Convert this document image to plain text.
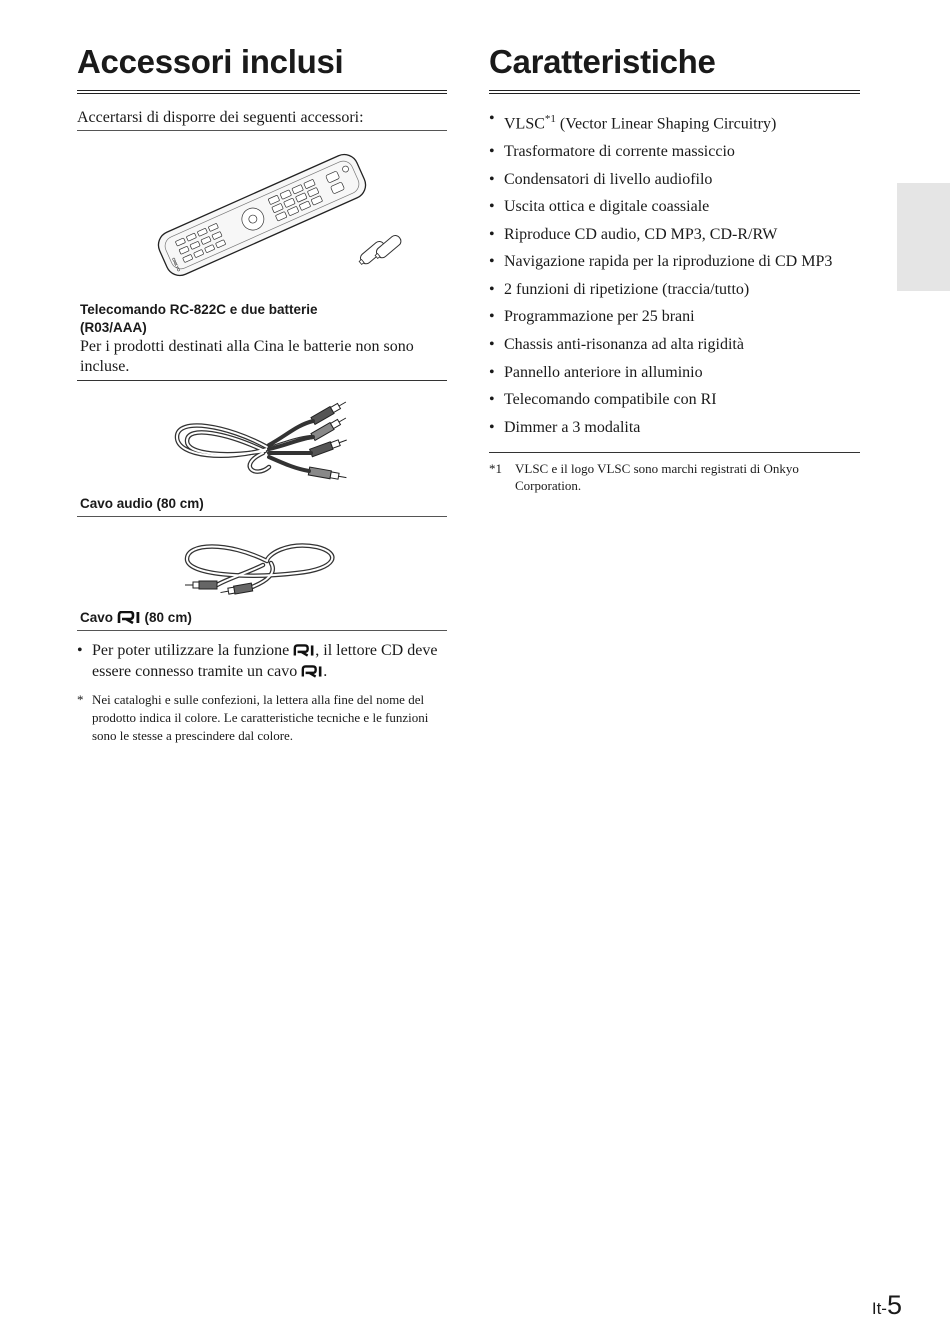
Accessori inclusi
Accertarsi di disporre dei seguenti accessori:
ONKYO
Telecomando RC-822C e due batterie
(R03/AAA)
Per i prodotti destinati alla Cina le batterie non sono incluse.
Cavo audio (80 cm)
Cavo (80 cm)
• Per poter utilizzare la funzione , il lettore CD deve essere connesso tramite un cavo .
* Nei cataloghi e sulle confezioni, la lettera alla fine del nome del prodotto indica il colore. Le caratteristiche tecniche e le funzioni sono le stesse a prescindere dal colore.
Caratteristiche
• VLSC$^{*1}$ (Vector Linear Shaping Circuitry)
• Trasformatore di corrente massiccio
• Condensatori di livello audiofilo
• Uscita ottica e digitale coassiale
• Riproduce CD audio, CD MP3, CD-R/RW
• Navigazione rapida per la riproduzione di CD MP3
• 2 funzioni di ripetizione (traccia/tutto)
• Programmazione per 25 brani
• Chassis anti-risonanza ad alta rigidità
• Pannello anteriore in alluminio
• Telecomando compatibile con RI
• Dimmer a 3 modalita
*1 VLSC e il logo VLSC sono marchi registrati di Onkyo Corporation.
It-5
